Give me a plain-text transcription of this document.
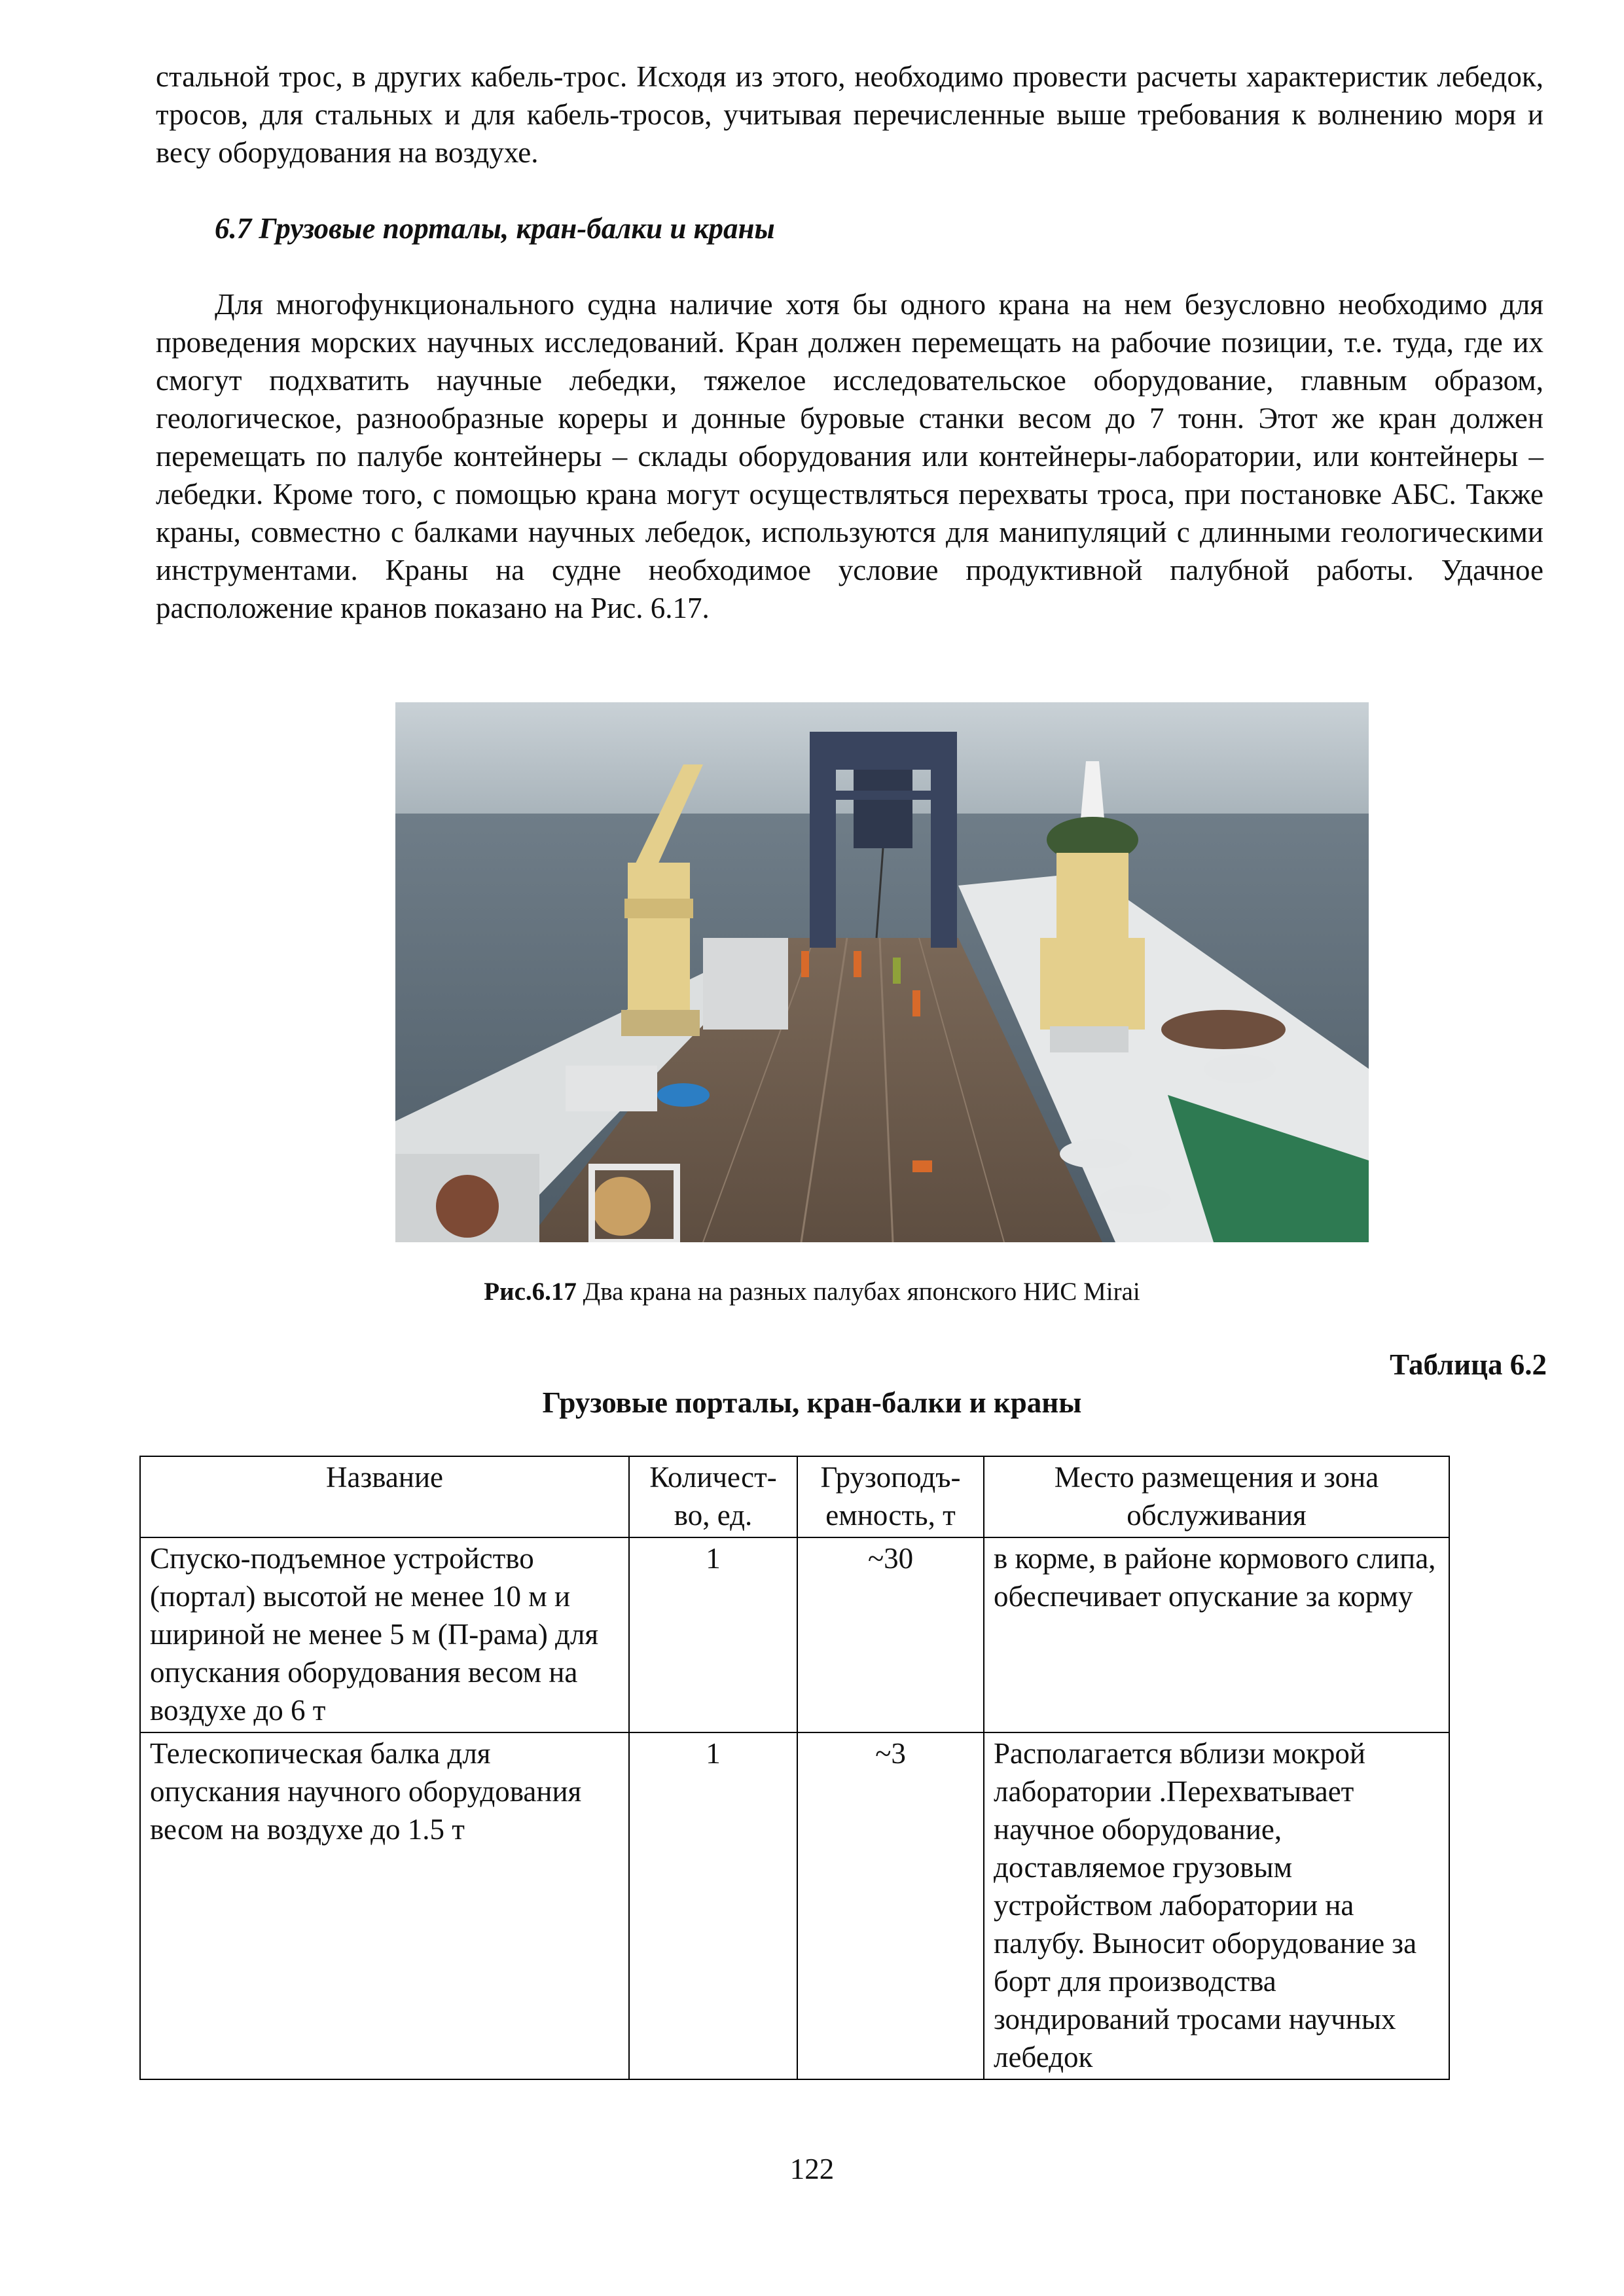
стальной трос, в других кабель-трос. Исходя из этого, необходимо провести расчеты характеристик лебедок, тросов, для стальных и для кабель-тросов, учитывая перечисленные выше требования к волнению моря и весу оборудования на воздухе.

6.7 Грузовые порталы, кран-балки и краны

Для многофункционального судна наличие хотя бы одного крана на нем безусловно необходимо для проведения морских научных исследований. Кран должен перемещать на рабочие позиции, т.е. туда, где их смогут подхватить научные лебедки, тяжелое исследовательское оборудование, главным образом, геологическое, разнообразные кореры и донные буровые станки весом до 7 тонн. Этот же кран должен перемещать по палубе контейнеры – склады оборудования или контейнеры-лаборатории, или контейнеры – лебедки. Кроме того, с помощью крана могут осуществляться перехваты троса, при постановке АБС. Также краны, совместно с балками научных лебедок, используются для манипуляций с длинными геологическими инструментами. Краны на судне необходимое условие продуктивной палубной работы. Удачное расположение кранов показано на Рис. 6.17.

Рис.6.17 Два крана на разных палубах японского НИС Mirai
Таблица 6.2
Грузовые порталы, кран-балки и краны
Название	Количест-во, ед.	Грузоподъ-емность, т	Место размещения и зона обслуживания
Спуско-подъемное устройство (портал) высотой не менее 10 м и шириной не менее 5 м (П-рама) для опускания оборудования весом на воздухе до 6 т	1	~30	в корме, в районе кормового слипа, обеспечивает опускание за корму
Телескопическая балка для опускания научного оборудования весом на воздухе до 1.5 т	1	~3	Располагается вблизи мокрой лаборатории .Перехватывает научное оборудование, доставляемое грузовым устройством лаборатории на палубу. Выносит оборудование за борт для производства зондирований тросами научных лебедок
122
